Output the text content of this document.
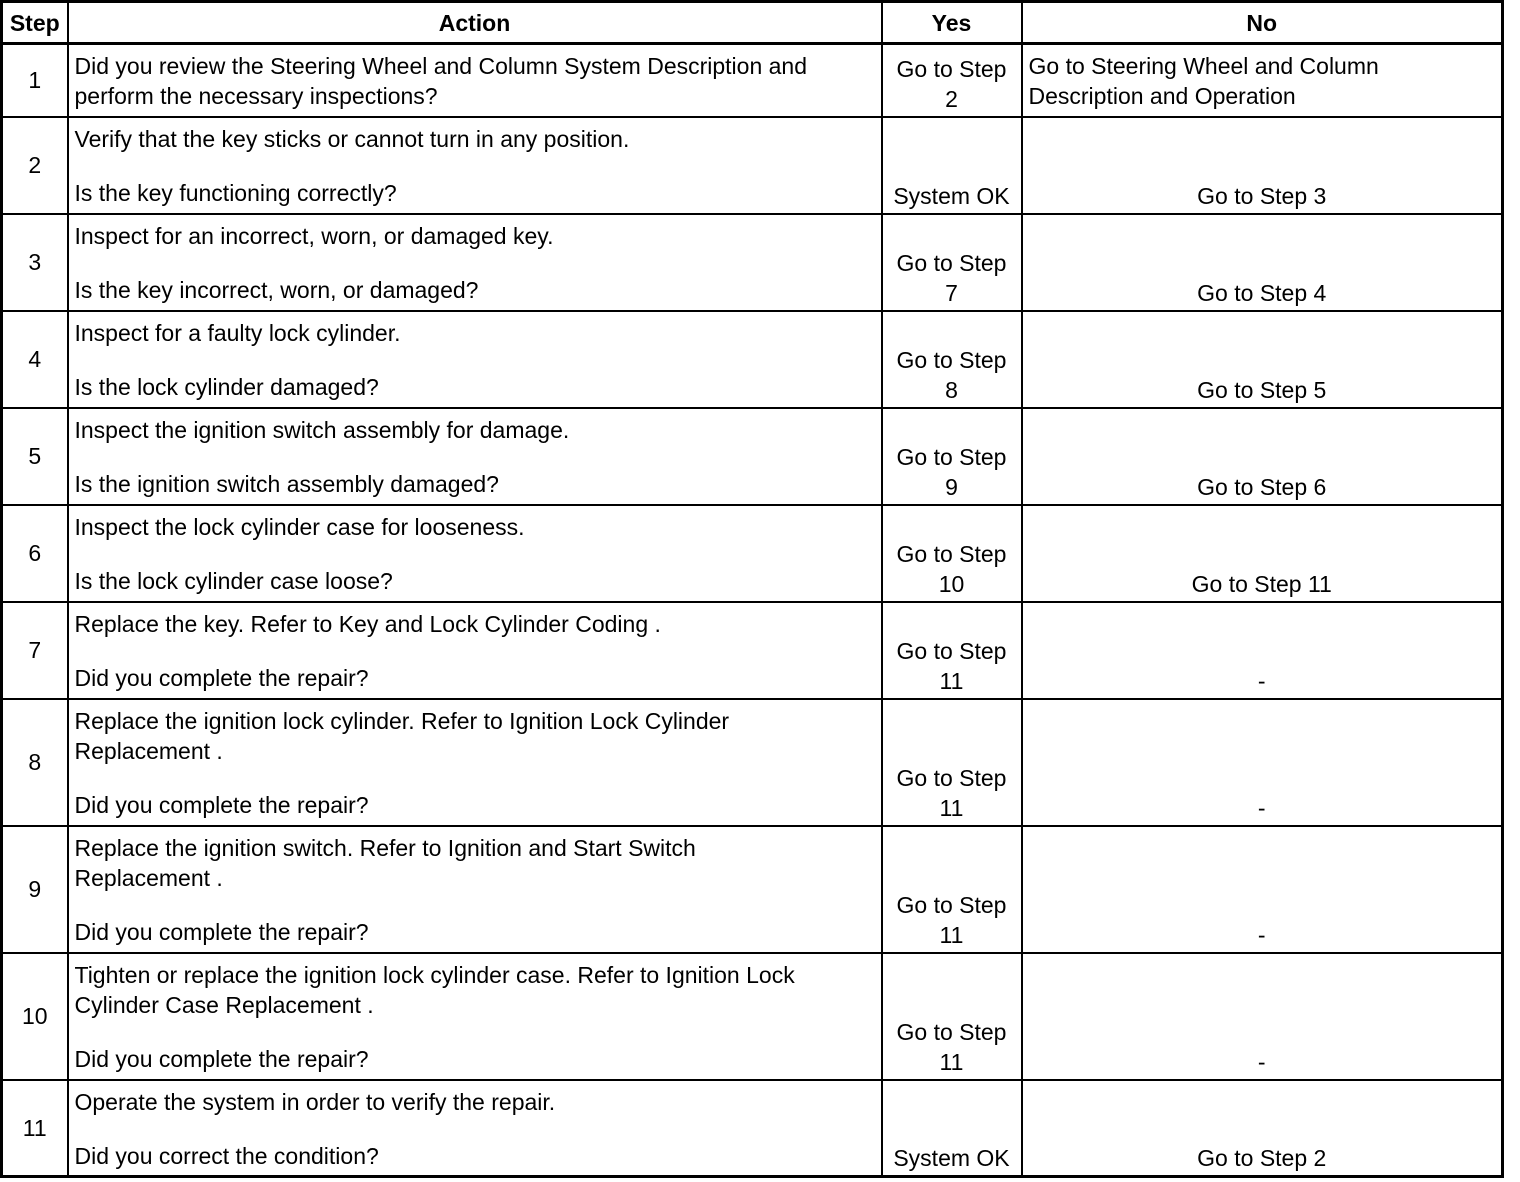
Step	Action	Yes	No
1	Did you review the Steering Wheel and Column System Description and
perform the necessary inspections?	Go to Step
2	Go to Steering Wheel and Column
Description and Operation

2	Verify that the key sticks or cannot turn in any position.
Is the key functioning correctly?	System OK	Go to Step 3

3	Inspect for an incorrect, worn, or damaged key.
Is the key incorrect, worn, or damaged?	Go to Step
7	Go to Step 4

4	Inspect for a faulty lock cylinder.
Is the lock cylinder damaged?	Go to Step
8	Go to Step 5

5	Inspect the ignition switch assembly for damage.
Is the ignition switch assembly damaged?	Go to Step
9	Go to Step 6

6	Inspect the lock cylinder case for looseness.
Is the lock cylinder case loose?	Go to Step
10	Go to Step 11

7	Replace the key. Refer to Key and Lock Cylinder Coding .
Did you complete the repair?	Go to Step
11	-

8	Replace the ignition lock cylinder. Refer to Ignition Lock Cylinder
Replacement .
Did you complete the repair?	Go to Step
11	-

9	Replace the ignition switch. Refer to Ignition and Start Switch
Replacement .
Did you complete the repair?	Go to Step
11	-

10	Tighten or replace the ignition lock cylinder case. Refer to Ignition Lock
Cylinder Case Replacement .
Did you complete the repair?	Go to Step
11	-

11	Operate the system in order to verify the repair.
Did you correct the condition?	System OK	Go to Step 2
